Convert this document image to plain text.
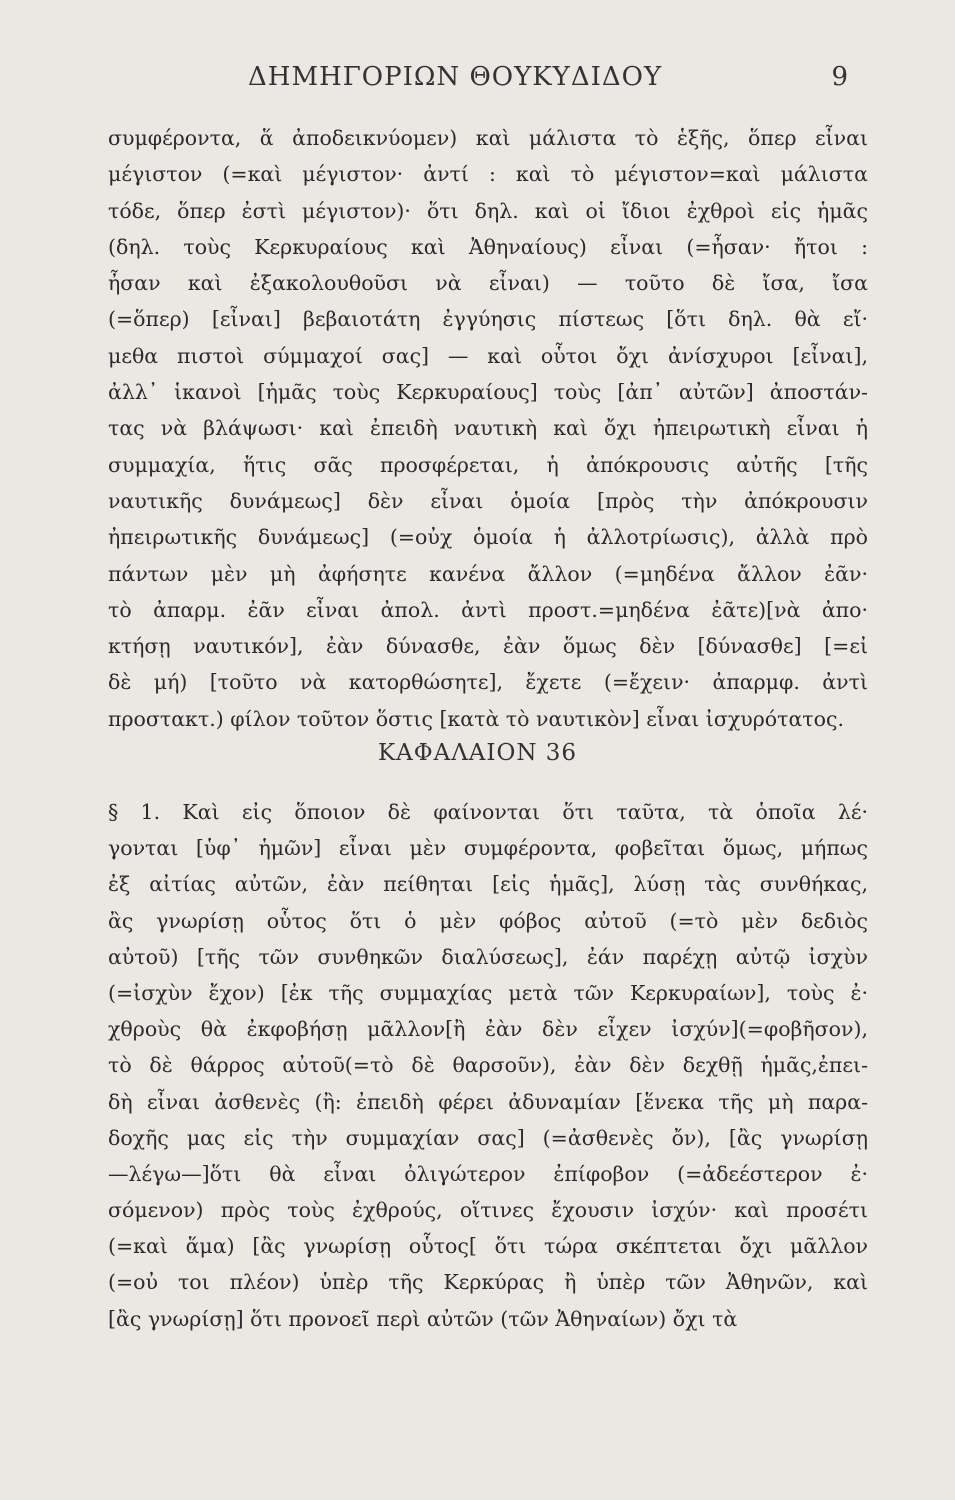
ΔΗΜΗΓΟΡΙΩΝ ΘΟΥΚΥΔΙΔΟΥ	9
συμφέροντα, ἅ ἀποδεικνύομεν) καὶ μάλιστα τὸ ἑξῆς, ὅπερ εἶναι
μέγιστον (=καὶ μέγιστον· ἀντί : καὶ τὸ μέγιστον=καὶ μάλιστα
τόδε, ὅπερ ἐστὶ μέγιστον)· ὅτι δηλ. καὶ οἱ ἴδιοι ἐχθροὶ εἰς ἡμᾶς
(δηλ. τοὺς Κερκυραίους καὶ Ἀθηναίους) εἶναι (=ἦσαν· ἤτοι :
ἦσαν καὶ ἐξακολουθοῦσι νὰ εἶναι) — τοῦτο δὲ ἴσα, ἴσα
(=ὅπερ) [εἶναι] βεβαιοτάτη ἐγγύησις πίστεως [ὅτι δηλ. θὰ εἴ·
μεθα πιστοὶ σύμμαχοί σας] — καὶ οὗτοι ὄχι ἀνίσχυροι [εἶναι],
ἀλλ᾽ ἱκανοὶ [ἡμᾶς τοὺς Κερκυραίους] τοὺς [ἀπ᾽ αὐτῶν] ἀποστάν-
τας νὰ βλάψωσι· καὶ ἐπειδὴ ναυτικὴ καὶ ὄχι ἠπειρωτικὴ εἶναι ἡ
συμμαχία, ἥτις σᾶς προσφέρεται, ἡ ἀπόκρουσις αὐτῆς [τῆς
ναυτικῆς δυνάμεως] δὲν εἶναι ὁμοία [πρὸς τὴν ἀπόκρουσιν
ἠπειρωτικῆς δυνάμεως] (=οὐχ ὁμοία ἡ ἀλλοτρίωσις), ἀλλὰ πρὸ
πάντων μὲν μὴ ἀφήσητε κανένα ἄλλον (=μηδένα ἄλλον ἐᾶν·
τὸ ἀπαρμ. ἐᾶν εἶναι ἀπολ. ἀντὶ προστ.=μηδένα ἐᾶτε)[νὰ ἀπο·
κτήσῃ ναυτικόν], ἐὰν δύνασθε, ἐὰν ὅμως δὲν [δύνασθε] [=εἰ
δὲ μή) [τοῦτο νὰ κατορθώσητε], ἔχετε (=ἔχειν· ἀπαρμφ. ἀντὶ
προστακτ.) φίλον τοῦτον ὅστις [κατὰ τὸ ναυτικὸν] εἶναι ἰσχυρότατος.
ΚΑΦΑΛΑΙΟΝ 36
§ 1. Καὶ εἰς ὅποιον δὲ φαίνονται ὅτι ταῦτα, τὰ ὁποῖα λέ·
γονται [ὑφ᾽ ἡμῶν] εἶναι μὲν συμφέροντα, φοβεῖται ὅμως, μήπως
ἐξ αἰτίας αὐτῶν, ἐὰν πείθηται [εἰς ἡμᾶς], λύσῃ τὰς συνθήκας,
ἂς γνωρίσῃ οὗτος ὅτι ὁ μὲν φόβος αὐτοῦ (=τὸ μὲν δεδιὸς
αὐτοῦ) [τῆς τῶν συνθηκῶν διαλύσεως], ἐάν παρέχῃ αὐτῷ ἰσχὺν
(=ἰσχὺν ἔχον) [ἐκ τῆς συμμαχίας μετὰ τῶν Κερκυραίων], τοὺς ἐ·
χθροὺς θὰ ἐκφοβήσῃ μᾶλλον[ἢ ἐὰν δὲν εἶχεν ἰσχύν](=φοβῆσον),
τὸ δὲ θάρρος αὐτοῦ(=τὸ δὲ θαρσοῦν), ἐὰν δὲν δεχθῇ ἡμᾶς,ἐπει-
δὴ εἶναι ἀσθενὲς (ἢ: ἐπειδὴ φέρει ἀδυναμίαν [ἕνεκα τῆς μὴ παρα-
δοχῆς μας εἰς τὴν συμμαχίαν σας] (=ἀσθενὲς ὄν), [ἂς γνωρίσῃ
—λέγω—]ὅτι θὰ εἶναι ὀλιγώτερον ἐπίφοβον (=ἀδεέστερον ἐ·
σόμενον) πρὸς τοὺς ἐχθρούς, οἵτινες ἔχουσιν ἰσχύν· καὶ προσέτι
(=καὶ ἅμα) [ἂς γνωρίσῃ οὗτος[ ὅτι τώρα σκέπτεται ὄχι μᾶλλον
(=οὐ τοι πλέον) ὑπὲρ τῆς Κερκύρας ἢ ὑπὲρ τῶν Ἀθηνῶν, καὶ
[ἂς γνωρίσῃ] ὅτι προνοεῖ περὶ αὐτῶν (τῶν Ἀθηναίων) ὄχι τὰ
